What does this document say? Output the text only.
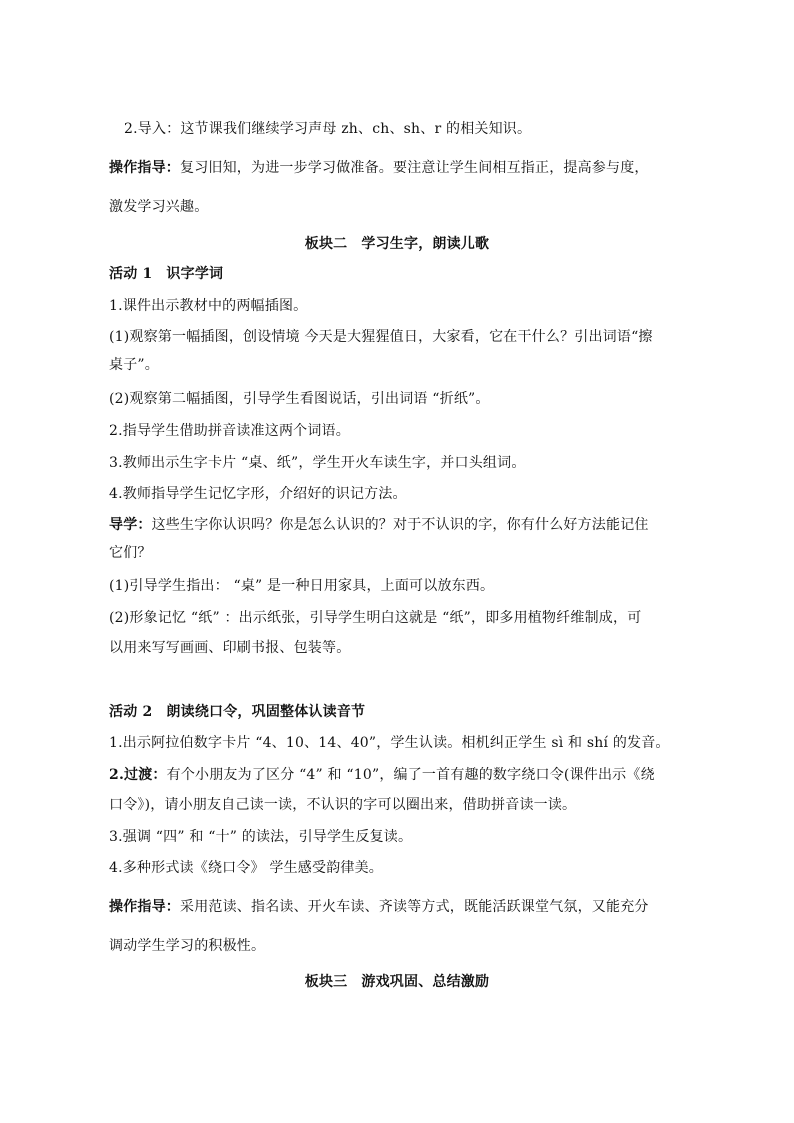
2.导入：这节课我们继续学习声母 zh、ch、sh、r 的相关知识。
操作指导：复习旧知，为进一步学习做准备。要注意让学生间相互指正，提高参与度，
激发学习兴趣。
板块二 学习生字，朗读儿歌
活动 1 识字学词
1.课件出示教材中的两幅插图。
(1)观察第一幅插图，创设情境 今天是大猩猩值日，大家看，它在干什么？引出词语“擦
桌子”。
(2)观察第二幅插图，引导学生看图说话，引出词语 “折纸”。
2.指导学生借助拼音读准这两个词语。
3.教师出示生字卡片 “桌、纸”，学生开火车读生字，并口头组词。
4.教师指导学生记忆字形，介绍好的识记方法。
导学：这些生字你认识吗？你是怎么认识的？对于不认识的字，你有什么好方法能记住
它们？
(1)引导学生指出： “桌” 是一种日用家具，上面可以放东西。
(2)形象记忆 “纸” ：出示纸张，引导学生明白这就是 “纸”，即多用植物纤维制成，可
以用来写写画画、印刷书报、包装等。
活动 2 朗读绕口令，巩固整体认读音节
1.出示阿拉伯数字卡片 “4、10、14、40”，学生认读。相机纠正学生 sì 和 shí 的发音。
2.过渡：有个小朋友为了区分 “4” 和 “10”，编了一首有趣的数字绕口令(课件出示《绕
口令》)，请小朋友自己读一读，不认识的字可以圈出来，借助拼音读一读。
3.强调 “四” 和 “十” 的读法，引导学生反复读。
4.多种形式读《绕口令》 学生感受韵律美。
操作指导：采用范读、指名读、开火车读、齐读等方式，既能活跃课堂气氛，又能充分
调动学生学习的积极性。
板块三 游戏巩固、总结激励
